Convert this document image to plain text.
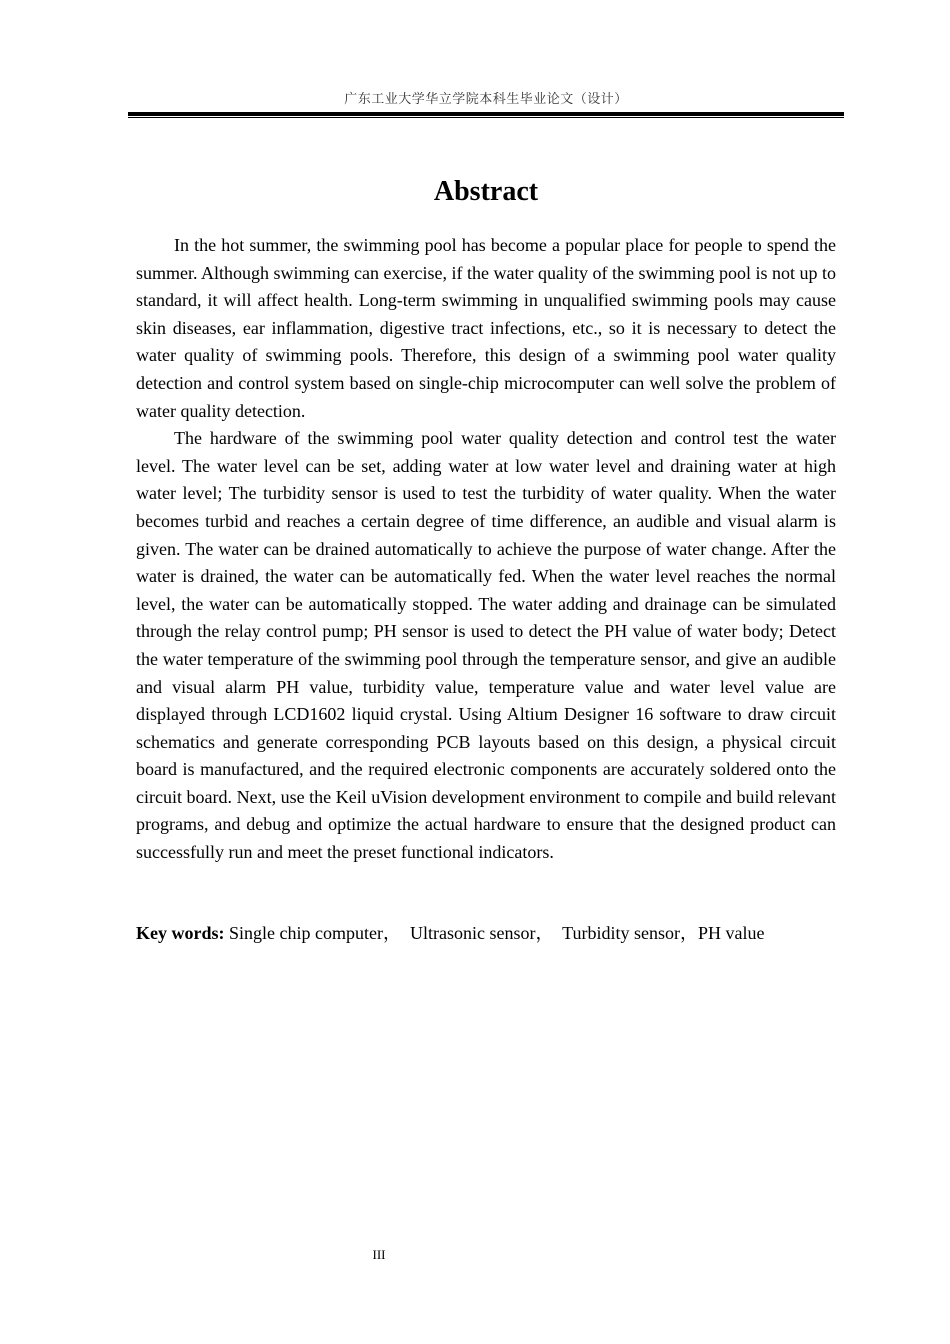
广东工业大学华立学院本科生毕业论文（设计）
Abstract

In the hot summer, the swimming pool has become a popular place for people to spend the summer. Although swimming can exercise, if the water quality of the swimming pool is not up to standard, it will affect health. Long-term swimming in unqualified swimming pools may cause skin diseases, ear inflammation, digestive tract infections, etc., so it is necessary to detect the water quality of swimming pools. Therefore, this design of a swimming pool water quality detection and control system based on single-chip microcomputer can well solve the problem of water quality detection.

The hardware of the swimming pool water quality detection and control test the water level. The water level can be set, adding water at low water level and draining water at high water level; The turbidity sensor is used to test the turbidity of water quality. When the water becomes turbid and reaches a certain degree of time difference, an audible and visual alarm is given. The water can be drained automatically to achieve the purpose of water change. After the water is drained, the water can be automatically fed. When the water level reaches the normal level, the water can be automatically stopped. The water adding and drainage can be simulated through the relay control pump; PH sensor is used to detect the PH value of water body; Detect the water temperature of the swimming pool through the temperature sensor, and give an audible and visual alarm PH value, turbidity value, temperature value and water level value are displayed through LCD1602 liquid crystal. Using Altium Designer 16 software to draw circuit schematics and generate corresponding PCB layouts based on this design, a physical circuit board is manufactured, and the required electronic components are accurately soldered onto the circuit board. Next, use the Keil uVision development environment to compile and build relevant programs, and debug and optimize the actual hardware to ensure that the designed product can successfully run and meet the preset functional indicators.

Key words: Single chip computer，  Ultrasonic sensor，  Turbidity sensor，PH value
III
